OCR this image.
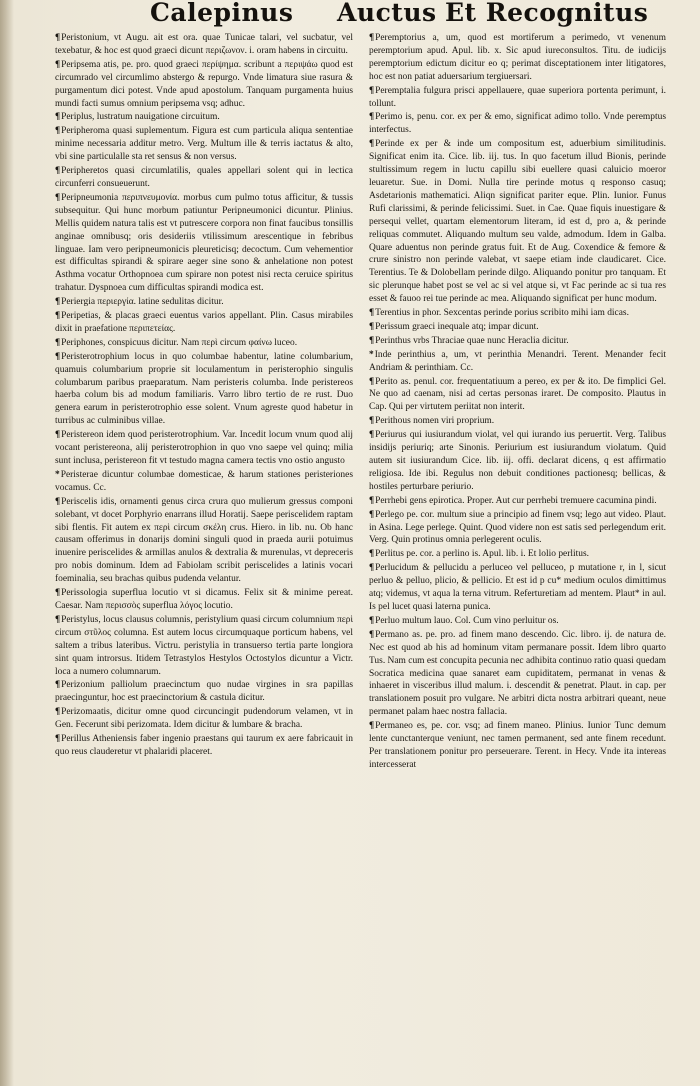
Calepinus Auctus Et Recognitus

¶Peristonium, vt Augu. ait est ora. quae Tunicae talari, vel sucbatur, vel texebatur, & hoc est quod graeci dicunt περιζωνον. i. oram habens in circuitu.

¶Peripsema atis, pe. pro. quod graeci περίψημα. scribunt a περιψάω quod est circumrado vel circumlimo abstergo & repurgo. Vnde limatura siue rasura & purgamentum dici potest. Vnde apud apostolum. Tanquam purgamenta huius mundi facti sumus omnium peripsema vsq; adhuc.

¶Periplus, lustratum nauigatione circuitum.

¶Peripheroma quasi suplementum. Figura est cum particula aliqua sententiae minime necessaria additur metro. Verg. Multum ille & terris iactatus & alto, vbi sine particulalle sta ret sensus & non versus.

¶Peripheretos quasi circumlatilis, quales appellari solent qui in lectica circunferri consueuerunt.

¶Peripneumonia περιπνευμονία. morbus cum pulmo totus afficitur, & tussis subsequitur. Qui hunc morbum patiuntur Peripneumonici dicuntur. Plinius. Mellis quidem natura talis est vt putrescere corpora non finat faucibus tonsillis anginae omnibusq; oris desideriis vtilissimum arescentique in febribus linguae. Iam vero peripneumonicis pleureticisq; decoctum. Cum vehementior est difficultas spirandi & spirare aeger sine sono & anhelatione non potest Asthma vocatur Orthopnoea cum spirare non potest nisi recta ceruice spiritus trahatur. Dyspnoea cum difficultas spirandi modica est.

¶Periergia περιεργία. latine sedulitas dicitur.

¶Peripetias, & placas graeci euentus varios appellant. Plin. Casus mirabiles dixit in praefatione περιπετείας.

¶Periphones, conspicuus dicitur. Nam περὶ circum φαίνω luceo.

¶Peristerotrophium locus in quo columbae habentur, latine columbarium, quamuis columbarium proprie sit loculamentum in peristerophio singulis columbarum paribus praeparatum. Nam peristeris columba. Inde peristereos haerba colum bis ad modum familiaris. Varro libro tertio de re rust. Duo genera earum in peristerotrophio esse solent. Vnum agreste quod habetur in turribus ac culminibus villae.

¶Peristereon idem quod peristerotrophium. Var. Incedit locum vnum quod alij vocant peristereona, alij peristerotrophion in quo vno saepe vel quinq; milia sunt inclusa, peristereon fit vt testudo magna camera tectis vno ostio angusto

*Peristerae dicuntur columbae domesticae, & harum stationes peristeriones vocamus. Cc.

¶Periscelis idis, ornamenti genus circa crura quo mulierum gressus componi solebant, vt docet Porphyrio enarrans illud Horatij. Saepe periscelidem raptam sibi flentis. Fit autem ex περὶ circum σκέλη crus. Hiero. in lib. nu. Ob hanc causam offerimus in donarijs domini singuli quod in praeda aurii potuimus inuenire periscelides & armillas anulos & dextralia & murenulas, vt depreceris pro nobis dominum. Idem ad Fabiolam scribit periscelides a latinis vocari foeminalia, seu brachas quibus pudenda velantur.

¶Perissologia superflua locutio vt si dicamus. Felix sit & minime pereat. Caesar. Nam περισσὸς superflua λόγος locutio.

¶Peristylus, locus clausus columnis, peristylium quasi circum columnium περὶ circum στῦλος columna. Est autem locus circumquaque porticum habens, vel saltem a tribus lateribus. Victru. peristylia in transuerso tertia parte longiora sint quam introrsus. Itidem Tetrastylos Hestylos Octostylos dicuntur a Victr. loca a numero columnarum.

¶Perizonium palliolum praecinctum quo nudae virgines in sra papillas praecinguntur, hoc est praecinctorium & castula dicitur.

¶Perizomaatis, dicitur omne quod circuncingit pudendorum velamen, vt in Gen. Fecerunt sibi perizomata. Idem dicitur & lumbare & bracha.

¶Perillus Atheniensis faber ingenio praestans qui taurum ex aere fabricauit in quo reus clauderetur vt phalaridi placeret.

¶Peremptorius a, um, quod est mortiferum a perimedo, vt venenum peremptorium apud. Apul. lib. x. Sic apud iureconsultos. Titu. de iudicijs peremptorium edictum dicitur eo q; perimat disceptationem inter litigatores, hoc est non patiat aduersarium tergiuersari.

¶Peremptalia fulgura prisci appellauere, quae superiora portenta perimunt, i. tollunt.

¶Perimo is, penu. cor. ex per & emo, significat adimo tollo. Vnde peremptus interfectus.

¶Perinde ex per & inde um compositum est, aduerbium similitudinis. Significat enim ita. Cice. lib. iij. tus. In quo facetum illud Bionis, perinde stultissimum regem in luctu capillu sibi euellere quasi caluicio moeror leuaretur. Sue. in Domi. Nulla tire perinde motus q responso casuq; Asdetarionis mathematici. Aliqn significat pariter eque. Plin. Iunior. Funus Rufi clarissimi, & perinde felicissimi. Suet. in Cae. Quae fiquis inuestigare & persequi vellet, quartam elementorum literam, id est d, pro a, & perinde reliquas commutet. Aliquando multum seu valde, admodum. Idem in Galba. Quare aduentus non perinde gratus fuit. Et de Aug. Coxendice & femore & crure sinistro non perinde valebat, vt saepe etiam inde claudicaret. Cice. Terentius. Te & Dolobellam perinde dilgo. Aliquando ponitur pro tanquam. Et sic plerunque habet post se vel ac si vel atque si, vt Fac perinde ac si tua res esset & fauoo rei tue perinde ac mea. Aliquando significat per hunc modum.

¶Terentius in phor. Sexcentas perinde porius scribito mihi iam dicas.

¶Perissum graeci inequale atq; impar dicunt.

¶Perinthus vrbs Thraciae quae nunc Heraclia dicitur.

*Inde perinthius a, um, vt perinthia Menandri. Terent. Menander fecit Andriam & perinthiam. Cc.

¶Perito as. penul. cor. frequentatiuum a pereo, ex per & ito. De fimplici Gel. Ne quo ad caenam, nisi ad certas personas iraret. De composito. Plautus in Cap. Qui per virtutem periitat non interit.

¶Perithous nomen viri proprium.

¶Periurus qui iusiurandum violat, vel qui iurando ius peruertit. Verg. Talibus insidijs periuriq; arte Sinonis. Periurium est iusiurandum violatum. Quid autem sit iusiurandum Cice. lib. iij. offi. declarat dicens, q est affirmatio religiosa. Ide ibi. Regulus non debuit conditiones pactionesq; bellicas, & hostiles perturbare periurio.

¶Perrhebi gens epirotica. Proper. Aut cur perrhebi tremuere cacumina pindi.

¶Perlego pe. cor. multum siue a principio ad finem vsq; lego aut video. Plaut. in Asina. Lege perlege. Quint. Quod videre non est satis sed perlegendum erit. Verg. Quin protinus omnia perlegerent oculis.

¶Perlitus pe. cor. a perlino is. Apul. lib. i. Et lolio perlitus.

¶Perlucidum & pellucidu a perluceo vel pelluceo, p mutatione r, in l, sicut perluo & pelluo, plicio, & pellicio. Et est id p cu* medium oculos dimittimus atq; videmus, vt aqua la terna vitrum. Referturetiam ad mentem. Plaut* in aul. Is pel lucet quasi laterna punica.

¶Perluo multum lauo. Col. Cum vino perluitur os.

¶Permano as. pe. pro. ad finem mano descendo. Cic. libro. ij. de natura de. Nec est quod ab his ad hominum vitam permanare possit. Idem libro quarto Tus. Nam cum est concupita pecunia nec adhibita continuo ratio quasi quedam Socratica medicina quae sanaret eam cupiditatem, permanat in venas & inhaeret in visceribus illud malum. i. descendit & penetrat. Plaut. in cap. per translationem posuit pro vulgare. Ne arbitri dicta nostra arbitrari queant, neue permanet palam haec nostra fallacia.

¶Permaneo es, pe. cor. vsq; ad finem maneo. Plinius. Iunior Tunc demum lente cunctanterque veniunt, nec tamen permanent, sed ante finem recedunt. Per translationem ponitur pro perseuerare. Terent. in Hecy. Vnde ita intereas intercesserat
